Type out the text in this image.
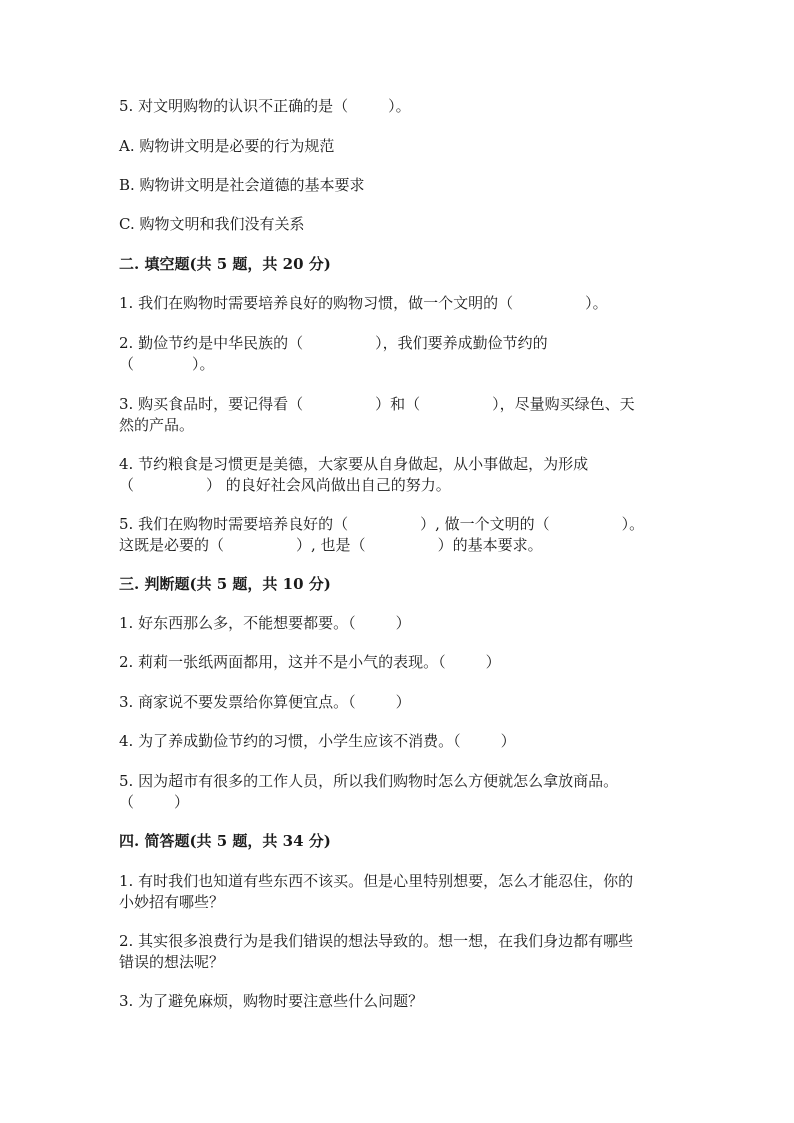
5. 对文明购物的认识不正确的是（	）。
A. 购物讲文明是必要的行为规范
B. 购物讲文明是社会道德的基本要求
C. 购物文明和我们没有关系
二. 填空题(共 5 题，共 20 分)
1. 我们在购物时需要培养良好的购物习惯，做一个文明的（	）。
2. 勤俭节约是中华民族的（	），我们要养成勤俭节约的
（	）。
3. 购买食品时，要记得看（	）和（	），尽量购买绿色、天
然的产品。
4. 节约粮食是习惯更是美德，大家要从自身做起，从小事做起，为形成
（	） 的良好社会风尚做出自己的努力。
5. 我们在购物时需要培养良好的（	）, 做一个文明的（	）。
这既是必要的（	）, 也是（	）的基本要求。
三. 判断题(共 5 题，共 10 分)
1. 好东西那么多，不能想要都要。（	）
2. 莉莉一张纸两面都用，这并不是小气的表现。（	）
3. 商家说不要发票给你算便宜点。（	）
4. 为了养成勤俭节约的习惯，小学生应该不消费。（	）
5. 因为超市有很多的工作人员，所以我们购物时怎么方便就怎么拿放商品。
（	）
四. 简答题(共 5 题，共 34 分)
1. 有时我们也知道有些东西不该买。但是心里特别想要，怎么才能忍住，你的
小妙招有哪些？
2. 其实很多浪费行为是我们错误的想法导致的。想一想，在我们身边都有哪些
错误的想法呢？
3. 为了避免麻烦，购物时要注意些什么问题？
